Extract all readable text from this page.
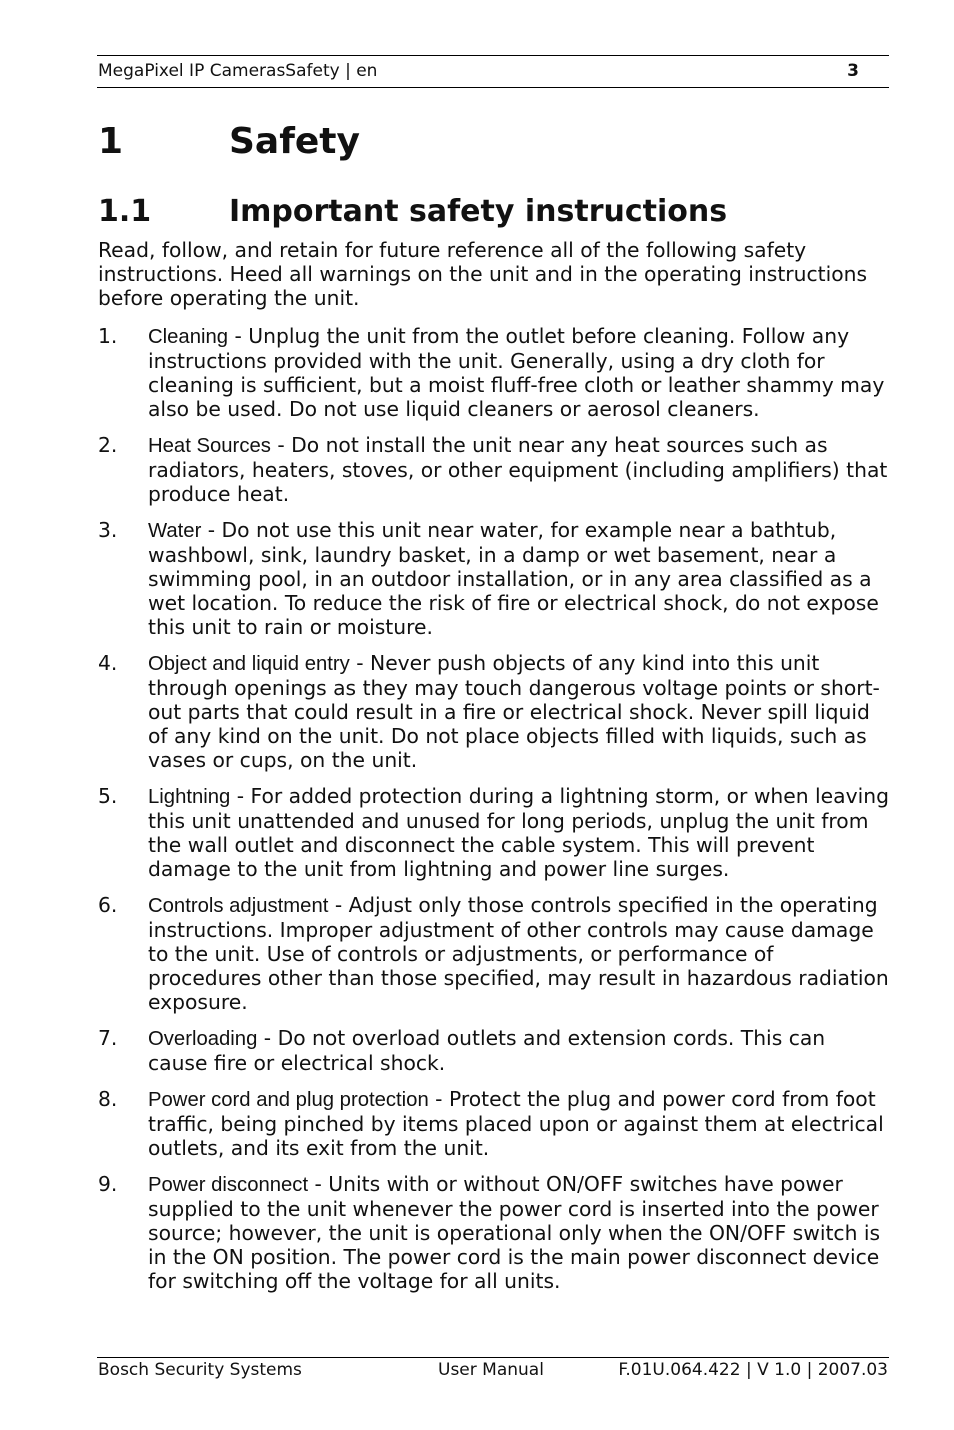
MegaPixel IP CamerasSafety | en	3
1	Safety
1.1	Important safety instructions
Read, follow, and retain for future reference all of the following safety instructions. Heed all warnings on the unit and in the operating instructions before operating the unit.
1. Cleaning - Unplug the unit from the outlet before cleaning. Follow any instructions provided with the unit. Generally, using a dry cloth for cleaning is sufficient, but a moist fluff-free cloth or leather shammy may also be used. Do not use liquid cleaners or aerosol cleaners.
2. Heat Sources - Do not install the unit near any heat sources such as radiators, heaters, stoves, or other equipment (including amplifiers) that produce heat.
3. Water - Do not use this unit near water, for example near a bathtub, washbowl, sink, laundry basket, in a damp or wet basement, near a swimming pool, in an outdoor installation, or in any area classified as a wet location. To reduce the risk of fire or electrical shock, do not expose this unit to rain or moisture.
4. Object and liquid entry - Never push objects of any kind into this unit through openings as they may touch dangerous voltage points or short-out parts that could result in a fire or electrical shock. Never spill liquid of any kind on the unit. Do not place objects filled with liquids, such as vases or cups, on the unit.
5. Lightning - For added protection during a lightning storm, or when leaving this unit unattended and unused for long periods, unplug the unit from the wall outlet and disconnect the cable system. This will prevent damage to the unit from lightning and power line surges.
6. Controls adjustment - Adjust only those controls specified in the operating instructions. Improper adjustment of other controls may cause damage to the unit. Use of controls or adjustments, or performance of procedures other than those specified, may result in hazardous radiation exposure.
7. Overloading - Do not overload outlets and extension cords. This can cause fire or electrical shock.
8. Power cord and plug protection - Protect the plug and power cord from foot traffic, being pinched by items placed upon or against them at electrical outlets, and its exit from the unit.
9. Power disconnect - Units with or without ON/OFF switches have power supplied to the unit whenever the power cord is inserted into the power source; however, the unit is operational only when the ON/OFF switch is in the ON position. The power cord is the main power disconnect device for switching off the voltage for all units.
Bosch Security Systems	User Manual	F.01U.064.422 | V 1.0 | 2007.03
